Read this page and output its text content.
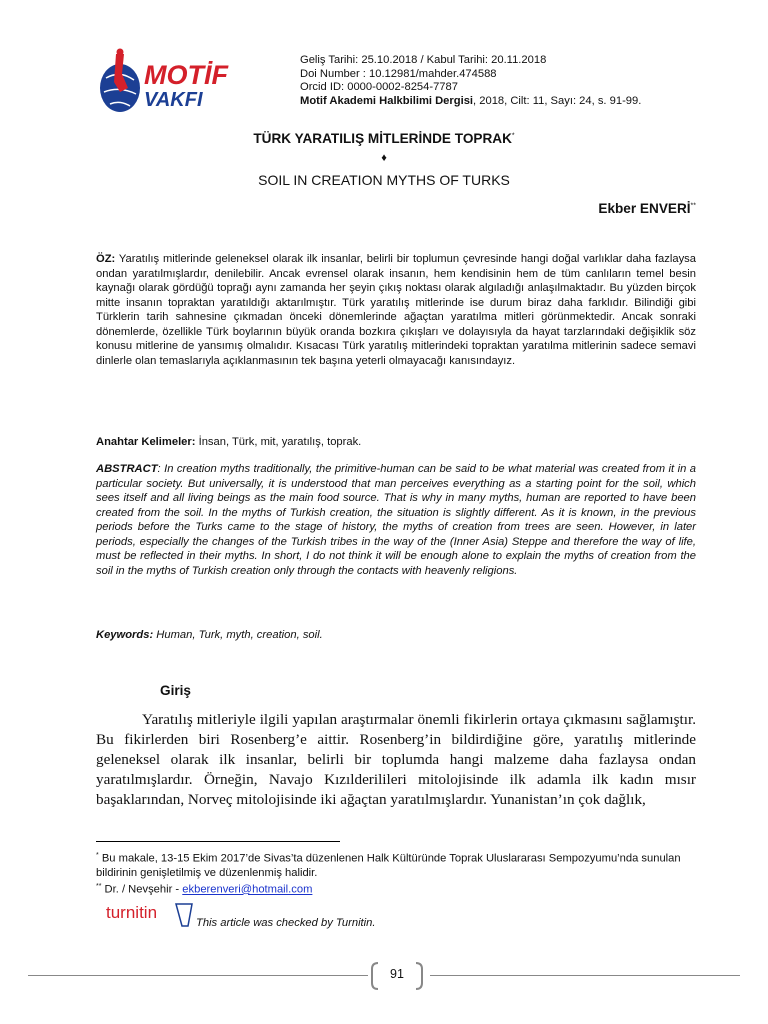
MOTİF
VAKFI
Geliş Tarihi: 25.10.2018 / Kabul Tarihi: 20.11.2018
Doi Number : 10.12981/mahder.474588
Orcid ID: 0000-0002-8254-7787
Motif Akademi Halkbilimi Dergisi, 2018, Cilt: 11, Sayı: 24, s. 91-99.
TÜRK YARATILIŞ MİTLERİNDE TOPRAK*
♦
SOIL IN CREATION MYTHS OF TURKS
Ekber ENVERİ**
ÖZ: Yaratılış mitlerinde geleneksel olarak ilk insanlar, belirli bir toplumun çevresinde hangi doğal varlıklar daha fazlaysa ondan yaratılmışlardır, denilebilir. Ancak evrensel olarak insanın, hem kendisinin hem de tüm canlıların temel besin kaynağı olarak gördüğü toprağı aynı zamanda her şeyin çıkış noktası olarak algıladığı anlaşılmaktadır. Bu yüzden birçok mitte insanın topraktan yaratıldığı aktarılmıştır. Türk yaratılış mitlerinde ise durum biraz daha farklıdır. Bilindiği gibi Türklerin tarih sahnesine çıkmadan önceki dönemlerinde ağaçtan yaratılma mitleri görünmektedir. Ancak sonraki dönemlerde, özellikle Türk boylarının büyük oranda bozkıra çıkışları ve dolayısıyla da hayat tarzlarındaki değişiklik söz konusu mitlerine de yansımış olmalıdır. Kısacası Türk yaratılış mitlerindeki topraktan yaratılma mitlerinin sadece semavi dinlerle olan temaslarıyla açıklanmasının tek başına yeterli olmayacağı kanısındayız.
Anahtar Kelimeler: İnsan, Türk, mit, yaratılış, toprak.
ABSTRACT: In creation myths traditionally, the primitive-human can be said to be what material was created from it in a particular society. But universally, it is understood that man perceives everything as a starting point for the soil, which sees itself and all living beings as the main food source. That is why in many myths, human are reported to have been created from the soil. In the myths of Turkish creation, the situation is slightly different. As it is known, in the previous periods before the Turks came to the stage of history, the myths of creation from trees are seen. However, in later periods, especially the changes of the Turkish tribes in the way of the (Inner Asia) Steppe and therefore the way of life, must be reflected in their myths. In short, I do not think it will be enough alone to explain the myths of creation from the soil in the myths of Turkish creation only through the contacts with heavenly religions.
Keywords: Human, Turk, myth, creation, soil.
Giriş
Yaratılış mitleriyle ilgili yapılan araştırmalar önemli fikirlerin ortaya çıkmasını sağlamıştır. Bu fikirlerden biri Rosenberg’e aittir. Rosenberg’in bildirdiğine göre, yaratılış mitlerinde geleneksel olarak ilk insanlar, belirli bir toplumda hangi malzeme daha fazlaysa ondan yaratılmışlardır. Örneğin, Navajo Kızılderilileri mitolojisinde ilk adamla ilk kadın mısır başaklarından, Norveç mitolojisinde iki ağaçtan yaratılmışlardır. Yunanistan’ın çok dağlık,
* Bu makale, 13-15 Ekim 2017’de Sivas’ta düzenlenen Halk Kültüründe Toprak Uluslararası Sempozyumu’nda sunulan bildirinin genişletilmiş ve düzenlenmiş halidir.
** Dr. / Nevşehir - ekberenveri@hotmail.com
turnitin
This article was checked by Turnitin.
91
